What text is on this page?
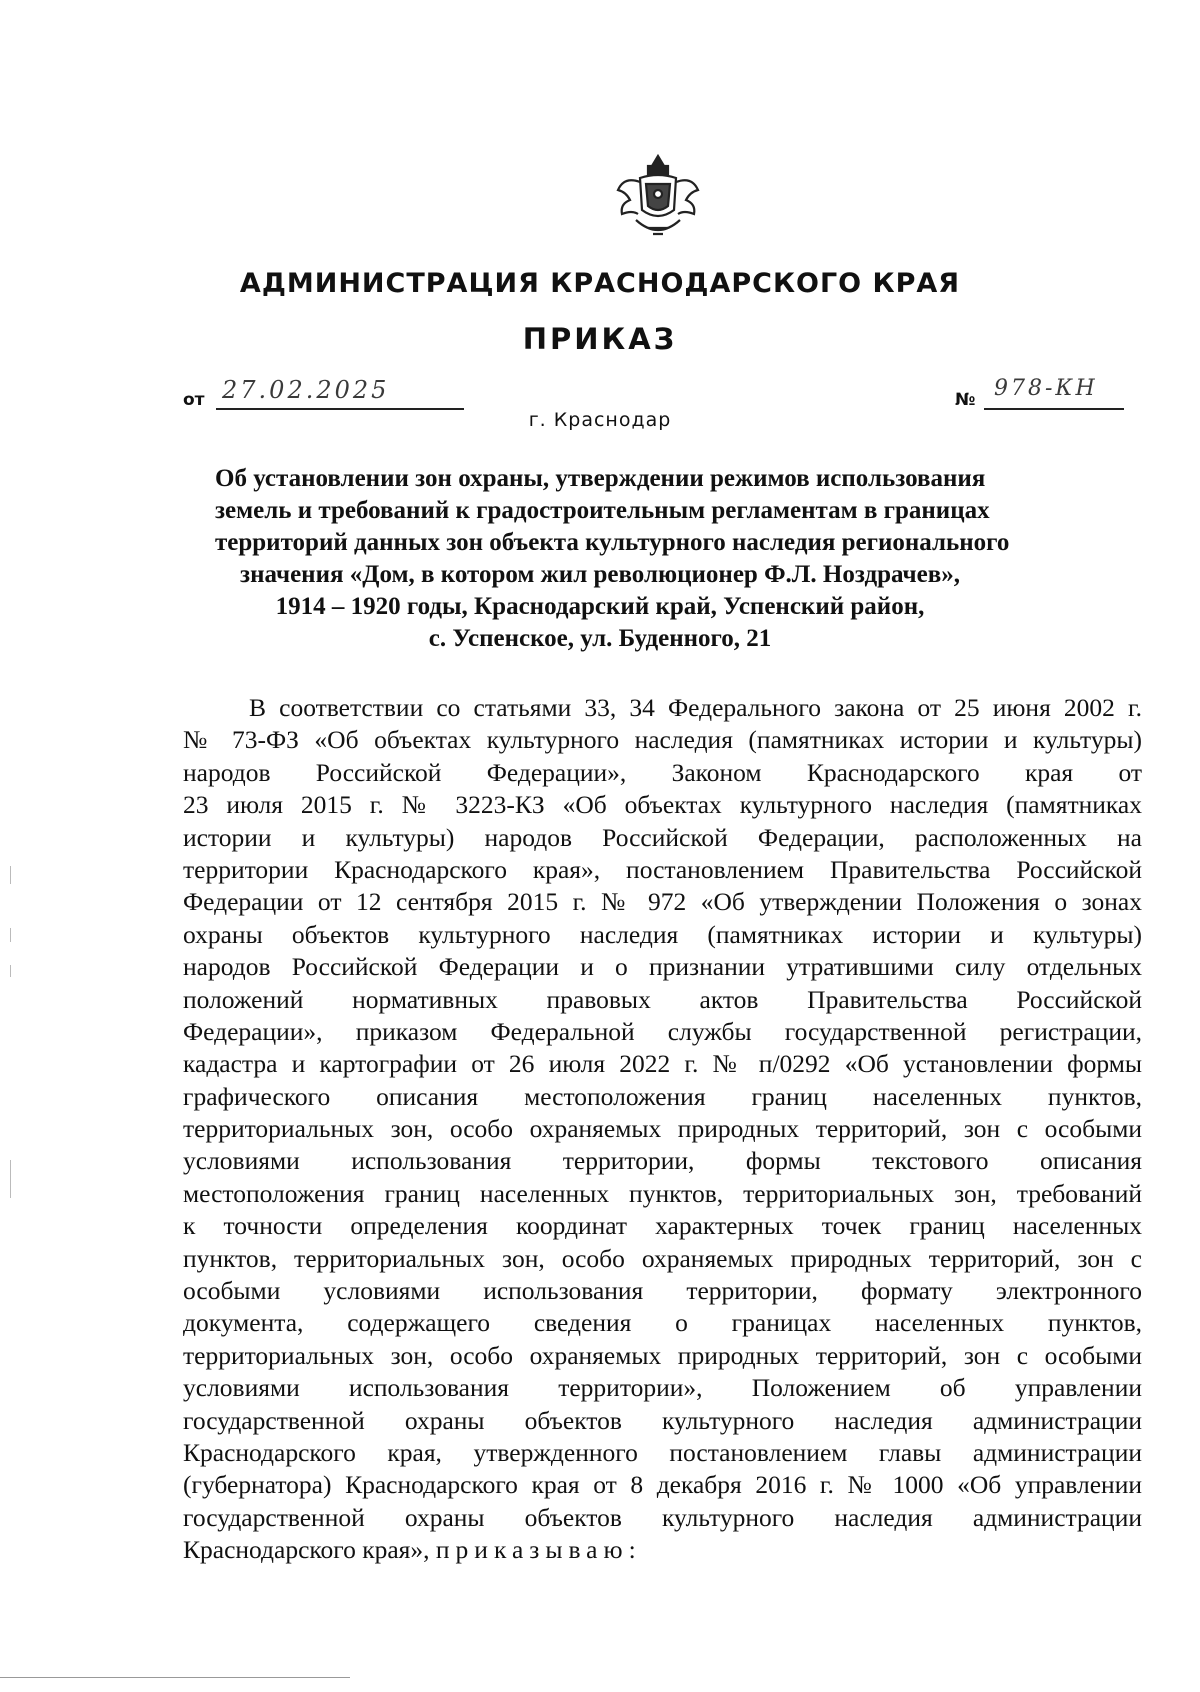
АДМИНИСТРАЦИЯ КРАСНОДАРСКОГО КРАЯ
ПРИКАЗ
от 27.02.2025	№ 978-КН
г. Краснодар
Об установлении зон охраны, утверждении режимов использования
земель и требований к градостроительным регламентам в границах
территорий данных зон объекта культурного наследия регионального
значения «Дом, в котором жил революционер Ф.Л. Ноздрачев»,
1914 – 1920 годы, Краснодарский край, Успенский район,
с. Успенское, ул. Буденного, 21
В соответствии со статьями 33, 34 Федерального закона от 25 июня 2002 г.
№ 73-ФЗ «Об объектах культурного наследия (памятниках истории и культуры)
народов Российской Федерации», Законом Краснодарского края от
23 июля 2015 г. № 3223-КЗ «Об объектах культурного наследия (памятниках
истории и культуры) народов Российской Федерации, расположенных на
территории Краснодарского края», постановлением Правительства Российской
Федерации от 12 сентября 2015 г. № 972 «Об утверждении Положения о зонах
охраны объектов культурного наследия (памятниках истории и культуры)
народов Российской Федерации и о признании утратившими силу отдельных
положений нормативных правовых актов Правительства Российской
Федерации», приказом Федеральной службы государственной регистрации,
кадастра и картографии от 26 июля 2022 г. № п/0292 «Об установлении формы
графического описания местоположения границ населенных пунктов,
территориальных зон, особо охраняемых природных территорий, зон с особыми
условиями использования территории, формы текстового описания
местоположения границ населенных пунктов, территориальных зон, требований
к точности определения координат характерных точек границ населенных
пунктов, территориальных зон, особо охраняемых природных территорий, зон с
особыми условиями использования территории, формату электронного
документа, содержащего сведения о границах населенных пунктов,
территориальных зон, особо охраняемых природных территорий, зон с особыми
условиями использования территории», Положением об управлении
государственной охраны объектов культурного наследия администрации
Краснодарского края, утвержденного постановлением главы администрации
(губернатора) Краснодарского края от 8 декабря 2016 г. № 1000 «Об управлении
государственной охраны объектов культурного наследия администрации
Краснодарского края», приказываю:
